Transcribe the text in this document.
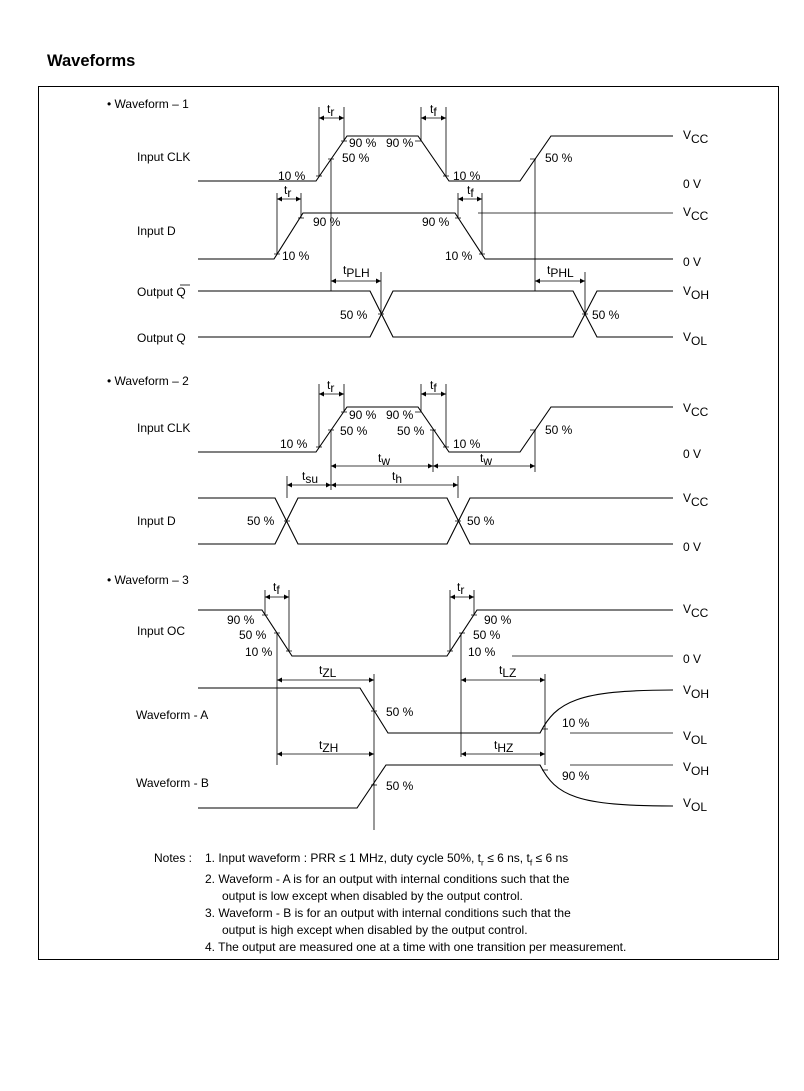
Waveforms
• Waveform – 1
Input CLK
VCC
0 V
tr	tf
10 %
50 %
90 % 90 %
10 %
50 %
Input D
VCC
0 V
tr	tf
10 %
90 %	90 %
10 %
Output Q
Output Q
VOH
VOL
tPLH	tPHL
50 %	50 %
• Waveform – 2
Input CLK
VCC
0 V
tr	tf
10 %
50 %
90 % 90 %
50 %
10 %
50 %
tw	tw
tsu	th
Input D
VCC
0 V
50 %	50 %
• Waveform – 3
Input OC
VCC
0 V
tf	tr
90 %
50 %
10 %
90 %
50 %
10 %
Waveform - A
VOH
VOL
tZL	tLZ
50 %
10 %
Waveform - B
VOH
VOL
tZH	tHZ
50 %
90 %
Notes :	1. Input waveform : PRR ≤ 1 MHz, duty cycle 50%, $t_r \le 6$ ns, $t_f \le 6$ ns
2. Waveform - A is for an output with internal conditions such that the
output is low except when disabled by the output control.
3. Waveform - B is for an output with internal conditions such that the
output is high except when disabled by the output control.
4. The output are measured one at a time with one transition per measurement.
